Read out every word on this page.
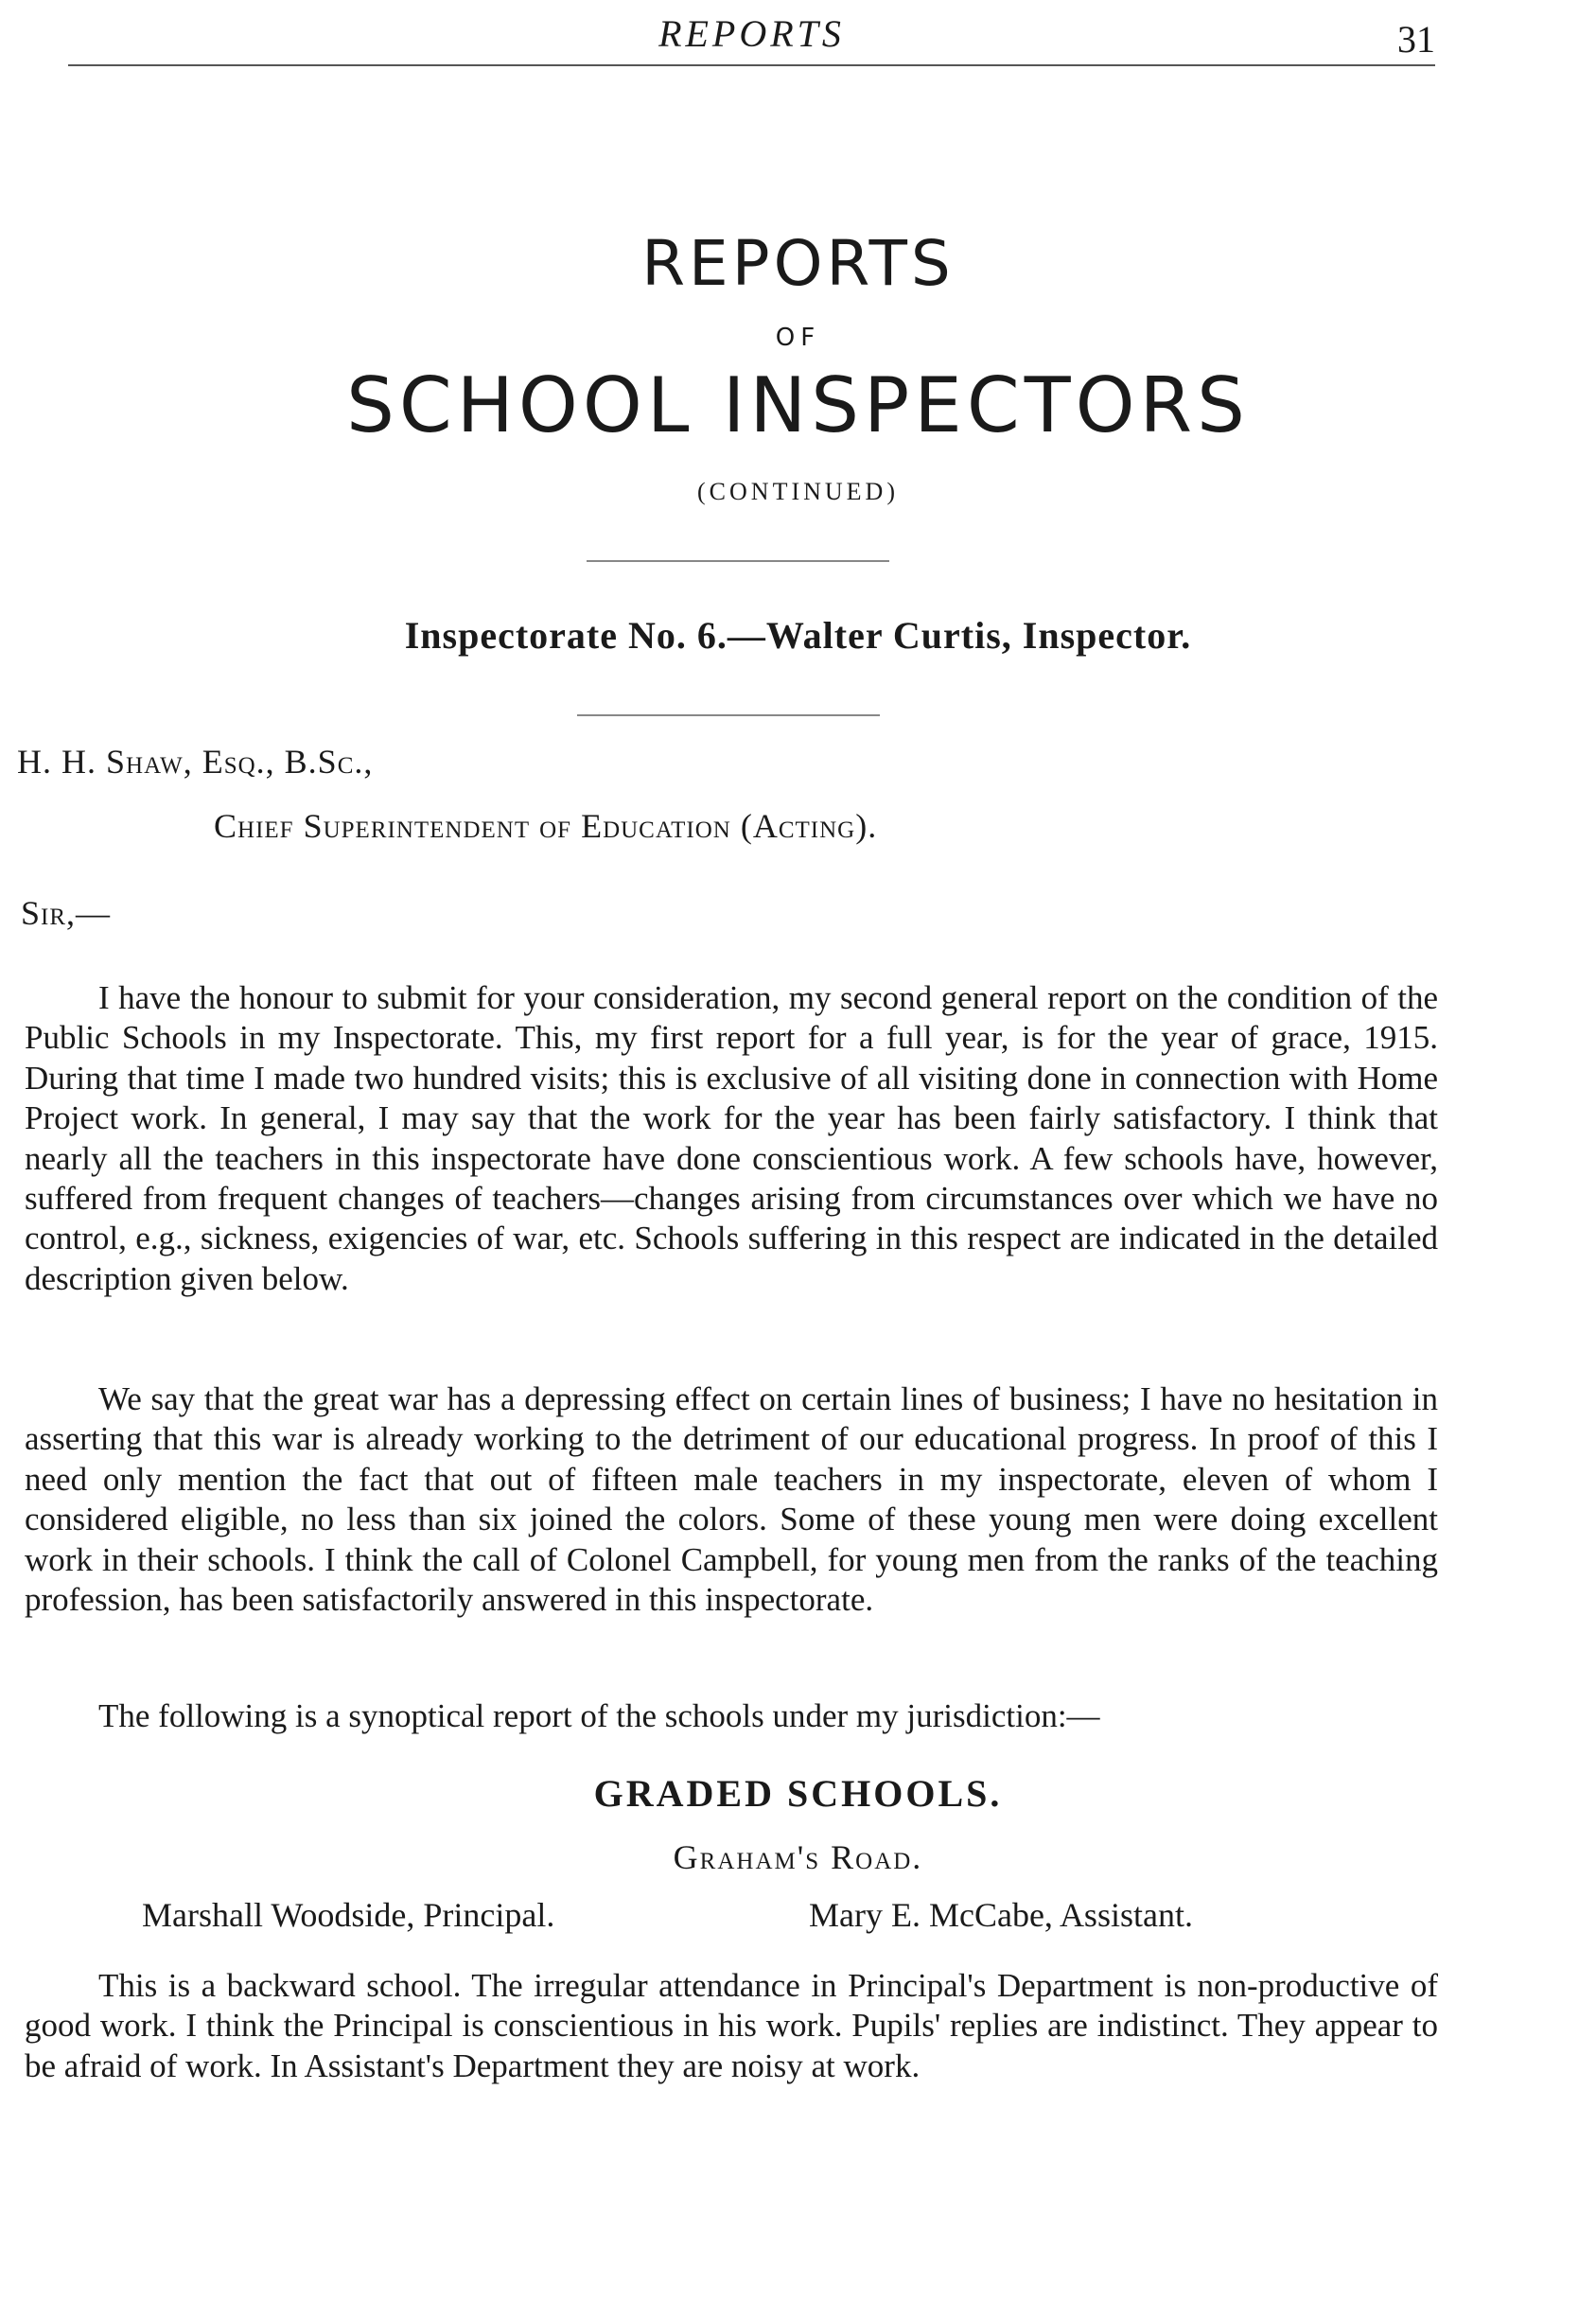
REPORTS	31
REPORTS
OF
SCHOOL INSPECTORS
(CONTINUED)
Inspectorate No. 6.—Walter Curtis, Inspector.
H. H. Shaw, Esq., B.Sc.,
Chief Superintendent of Education (Acting).
Sir,—

I have the honour to submit for your consideration, my second general report on the condition of the Public Schools in my Inspectorate. This, my first report for a full year, is for the year of grace, 1915. During that time I made two hundred visits; this is exclusive of all visiting done in connection with Home Project work. In general, I may say that the work for the year has been fairly satisfactory. I think that nearly all the teachers in this inspectorate have done conscientious work. A few schools have, however, suffered from frequent changes of teachers—changes arising from circumstances over which we have no control, e.g., sickness, exigencies of war, etc. Schools suffering in this respect are indicated in the detailed description given below.

We say that the great war has a depressing effect on certain lines of business; I have no hesitation in asserting that this war is already working to the detriment of our educational progress. In proof of this I need only mention the fact that out of fifteen male teachers in my inspectorate, eleven of whom I considered eligible, no less than six joined the colors. Some of these young men were doing excellent work in their schools. I think the call of Colonel Campbell, for young men from the ranks of the teaching profession, has been satisfactorily answered in this inspectorate.

The following is a synoptical report of the schools under my jurisdiction:—

GRADED SCHOOLS.
Graham's Road.
Marshall Woodside, Principal.	Mary E. McCabe, Assistant.

This is a backward school. The irregular attendance in Principal's Department is non-productive of good work. I think the Principal is conscientious in his work. Pupils' replies are indistinct. They appear to be afraid of work. In Assistant's Department they are noisy at work.
